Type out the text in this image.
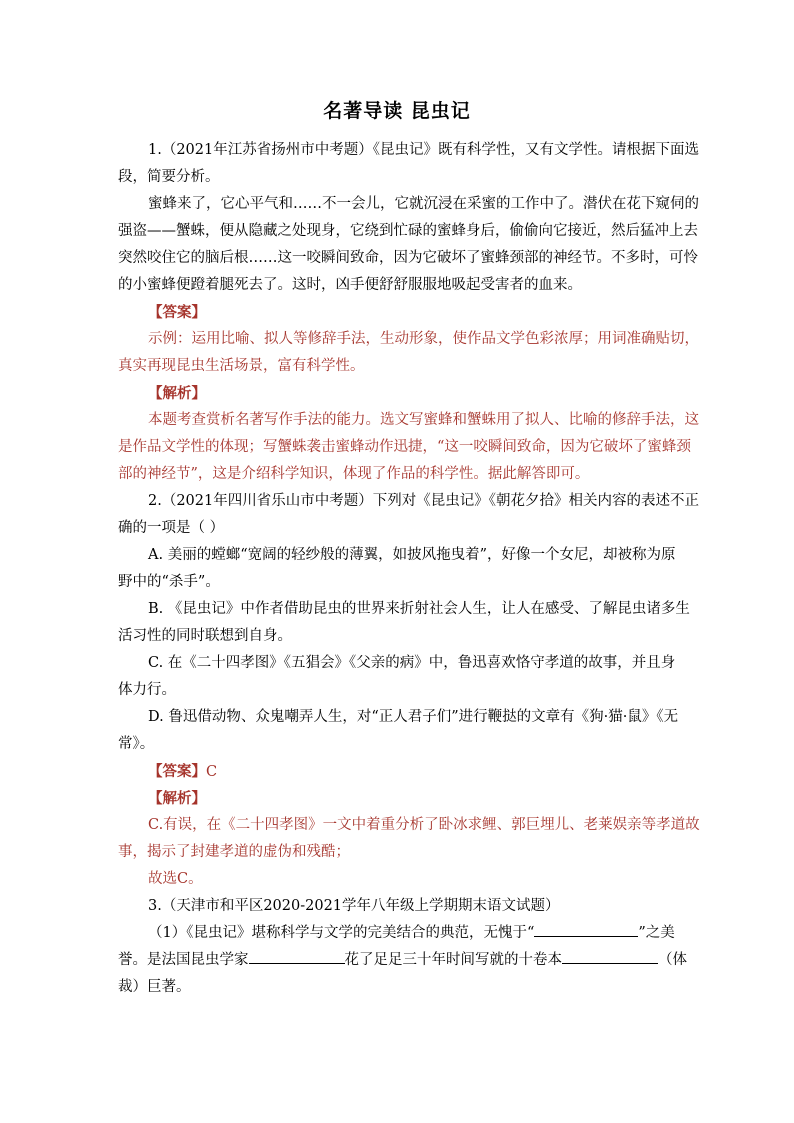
名著导读 昆虫记
1.（2021年江苏省扬州市中考题）《昆虫记》既有科学性，又有文学性。请根据下面选
段，简要分析。
蜜蜂来了，它心平气和……不一会儿，它就沉浸在采蜜的工作中了。潜伏在花下窥伺的
强盗——蟹蛛，便从隐藏之处现身，它绕到忙碌的蜜蜂身后，偷偷向它接近，然后猛冲上去
突然咬住它的脑后根……这一咬瞬间致命，因为它破坏了蜜蜂颈部的神经节。不多时，可怜
的小蜜蜂便蹬着腿死去了。这时，凶手便舒舒服服地吸起受害者的血来。
【答案】
示例：运用比喻、拟人等修辞手法，生动形象，使作品文学色彩浓厚；用词准确贴切，
真实再现昆虫生活场景，富有科学性。
【解析】
本题考查赏析名著写作手法的能力。选文写蜜蜂和蟹蛛用了拟人、比喻的修辞手法，这
是作品文学性的体现；写蟹蛛袭击蜜蜂动作迅捷，“这一咬瞬间致命，因为它破坏了蜜蜂颈
部的神经节”，这是介绍科学知识，体现了作品的科学性。据此解答即可。
2.（2021年四川省乐山市中考题）下列对《昆虫记》《朝花夕拾》相关内容的表述不正
确的一项是（ ）
A. 美丽的螳螂“宽阔的轻纱般的薄翼，如披风拖曳着”，好像一个女尼，却被称为原
野中的“杀手”。
B. 《昆虫记》中作者借助昆虫的世界来折射社会人生，让人在感受、了解昆虫诸多生
活习性的同时联想到自身。
C. 在《二十四孝图》《五猖会》《父亲的病》中，鲁迅喜欢恪守孝道的故事，并且身
体力行。
D. 鲁迅借动物、众鬼嘲弄人生，对“正人君子们”进行鞭挞的文章有《狗·猫·鼠》《无
常》。
【答案】C
【解析】
C.有误，在《二十四孝图》一文中着重分析了卧冰求鲤、郭巨埋儿、老莱娱亲等孝道故
事，揭示了封建孝道的虚伪和残酷；
故选C。
3.（天津市和平区2020-2021学年八年级上学期期末语文试题）
（1）《昆虫记》堪称科学与文学的完美结合的典范，无愧于“	”之美
誉。是法国昆虫学家	花了足足三十年时间写就的十卷本	（体
裁）巨著。
